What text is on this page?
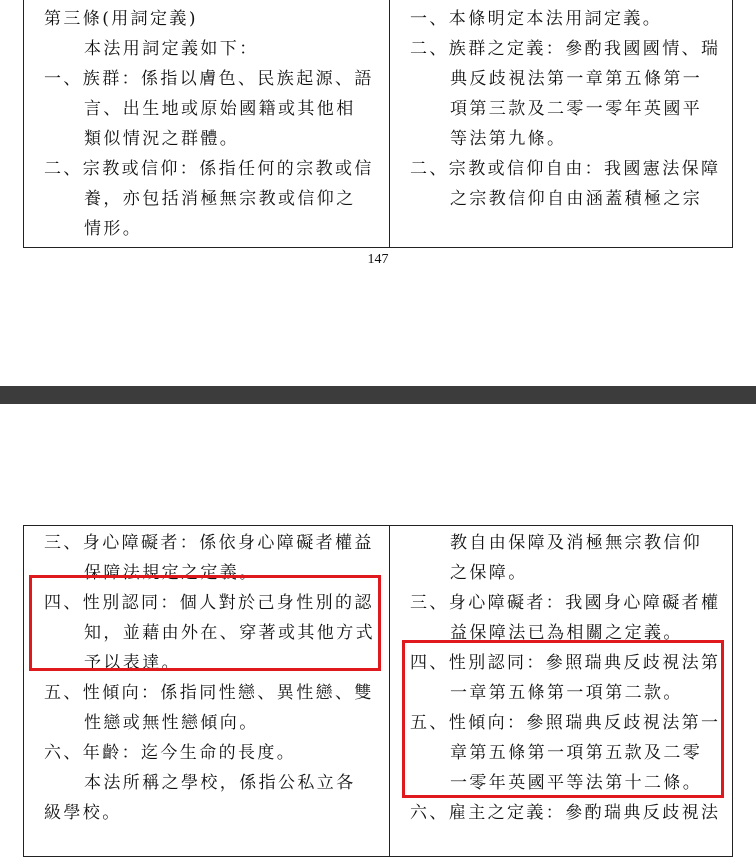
第三條(用詞定義)
本法用詞定義如下：
一、族群：係指以膚色、民族起源、語
言、出生地或原始國籍或其他相
類似情況之群體。
二、宗教或信仰：係指任何的宗教或信
養，亦包括消極無宗教或信仰之
情形。
一、本條明定本法用詞定義。
二、族群之定義：參酌我國國情、瑞
典反歧視法第一章第五條第一
項第三款及二零一零年英國平
等法第九條。
二、宗教或信仰自由：我國憲法保障
之宗教信仰自由涵蓋積極之宗
147
三、身心障礙者：係依身心障礙者權益
保障法規定之定義。
四、性別認同：個人對於己身性別的認
知，並藉由外在、穿著或其他方式
予以表達。
五、性傾向：係指同性戀、異性戀、雙
性戀或無性戀傾向。
六、年齡：迄今生命的長度。
本法所稱之學校，係指公私立各
級學校。
教自由保障及消極無宗教信仰
之保障。
三、身心障礙者：我國身心障礙者權
益保障法已為相關之定義。
四、性別認同：參照瑞典反歧視法第
一章第五條第一項第二款。
五、性傾向：參照瑞典反歧視法第一
章第五條第一項第五款及二零
一零年英國平等法第十二條。
六、雇主之定義：參酌瑞典反歧視法
